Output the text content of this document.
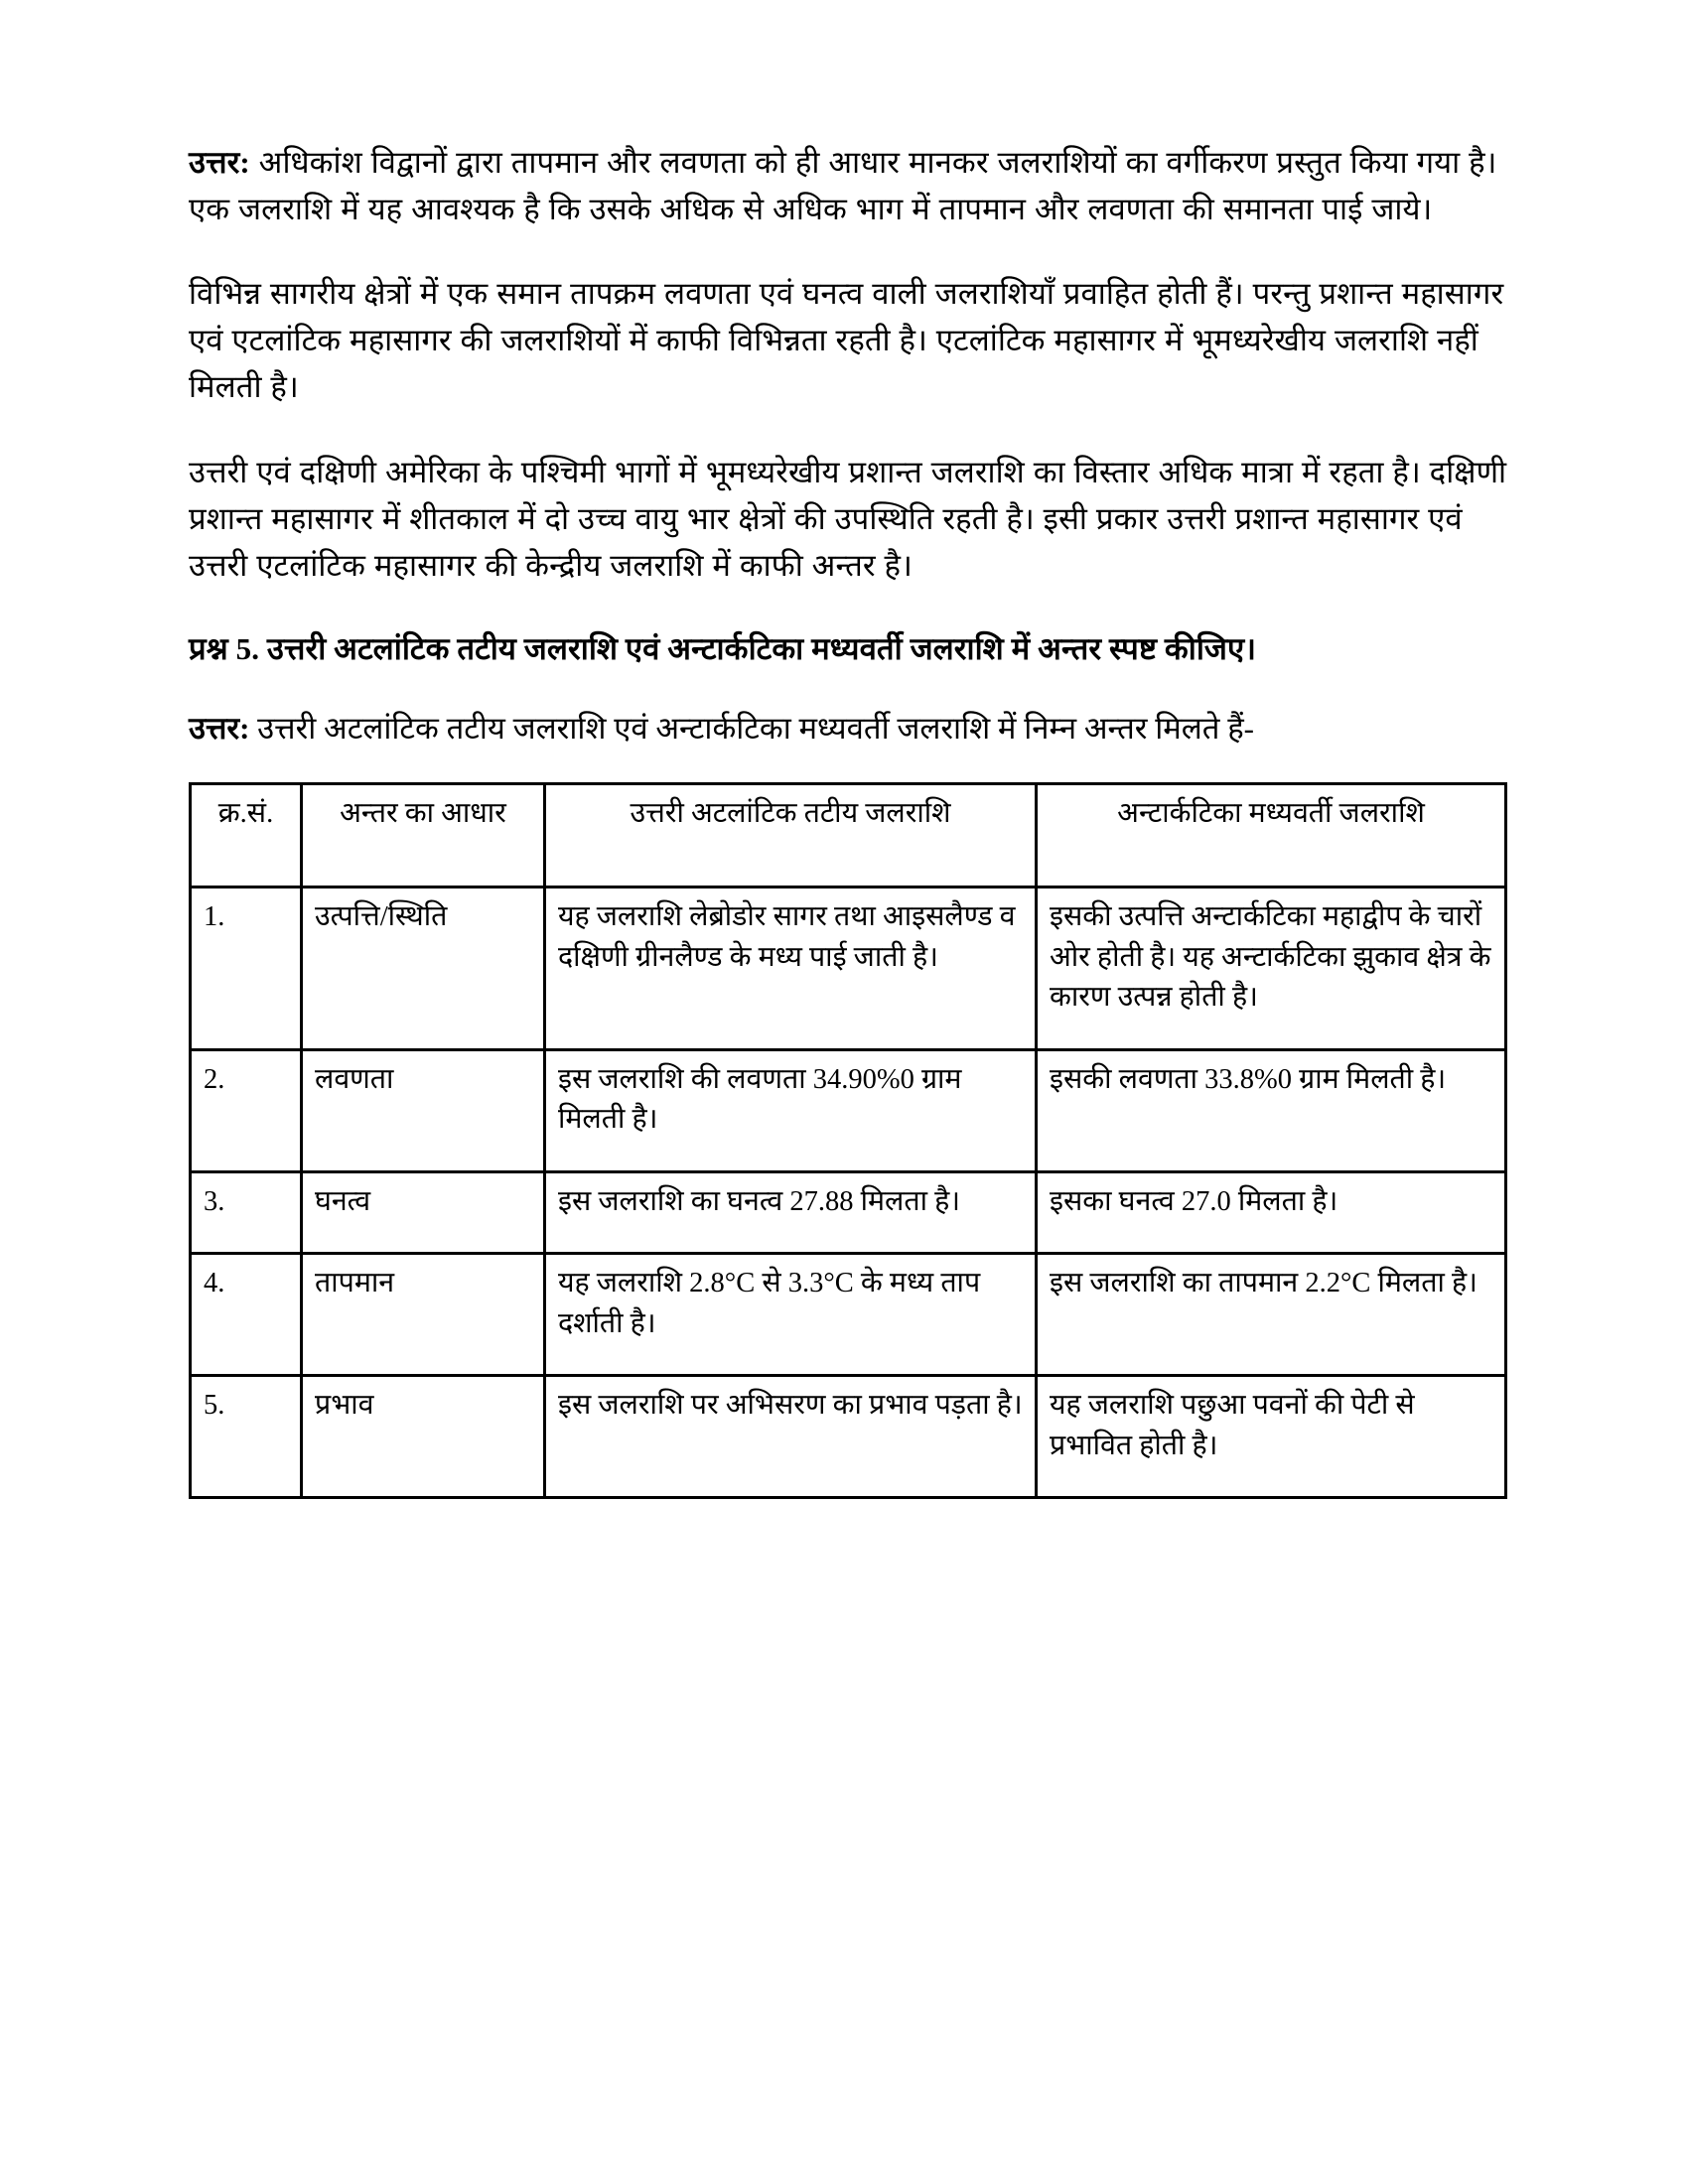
उत्तर: अधिकांश विद्वानों द्वारा तापमान और लवणता को ही आधार मानकर जलराशियों का वर्गीकरण प्रस्तुत किया गया है। एक जलराशि में यह आवश्यक है कि उसके अधिक से अधिक भाग में तापमान और लवणता की समानता पाई जाये।

विभिन्न सागरीय क्षेत्रों में एक समान तापक्रम लवणता एवं घनत्व वाली जलराशियाँ प्रवाहित होती हैं। परन्तु प्रशान्त महासागर एवं एटलांटिक महासागर की जलराशियों में काफी विभिन्नता रहती है। एटलांटिक महासागर में भूमध्यरेखीय जलराशि नहीं मिलती है।

उत्तरी एवं दक्षिणी अमेरिका के पश्चिमी भागों में भूमध्यरेखीय प्रशान्त जलराशि का विस्तार अधिक मात्रा में रहता है। दक्षिणी प्रशान्त महासागर में शीतकाल में दो उच्च वायु भार क्षेत्रों की उपस्थिति रहती है। इसी प्रकार उत्तरी प्रशान्त महासागर एवं उत्तरी एटलांटिक महासागर की केन्द्रीय जलराशि में काफी अन्तर है।

प्रश्न 5. उत्तरी अटलांटिक तटीय जलराशि एवं अन्टार्कटिका मध्यवर्ती जलराशि में अन्तर स्पष्ट कीजिए।

उत्तर: उत्तरी अटलांटिक तटीय जलराशि एवं अन्टार्कटिका मध्यवर्ती जलराशि में निम्न अन्तर मिलते हैं-

क्र.सं.	अन्तर का आधार	उत्तरी अटलांटिक तटीय जलराशि	अन्टार्कटिका मध्यवर्ती जलराशि
1.	उत्पत्ति/स्थिति	यह जलराशि लेब्रोडोर सागर तथा आइसलैण्ड व दक्षिणी ग्रीनलैण्ड के मध्य पाई जाती है।	इसकी उत्पत्ति अन्टार्कटिका महाद्वीप के चारों ओर होती है। यह अन्टार्कटिका झुकाव क्षेत्र के कारण उत्पन्न होती है।
2.	लवणता	इस जलराशि की लवणता 34.90%0 ग्राम मिलती है।	इसकी लवणता 33.8%0 ग्राम मिलती है।
3.	घनत्व	इस जलराशि का घनत्व 27.88 मिलता है।	इसका घनत्व 27.0 मिलता है।
4.	तापमान	यह जलराशि 2.8°C से 3.3°C के मध्य ताप दर्शाती है।	इस जलराशि का तापमान 2.2°C मिलता है।
5.	प्रभाव	इस जलराशि पर अभिसरण का प्रभाव पड़ता है।	यह जलराशि पछुआ पवनों की पेटी से प्रभावित होती है।
